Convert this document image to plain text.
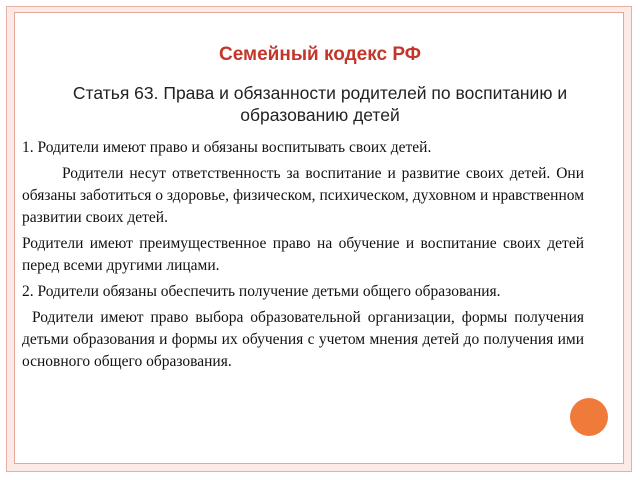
Семейный кодекс РФ
Статья 63. Права и обязанности родителей по воспитанию и образованию детей

1. Родители имеют право и обязаны воспитывать своих детей.

Родители несут ответственность за воспитание и развитие своих детей. Они обязаны заботиться о здоровье, физическом, психическом, духовном и нравственном развитии своих детей.

Родители имеют преимущественное право на обучение и воспитание своих детей перед всеми другими лицами.

2. Родители обязаны обеспечить получение детьми общего образования.

Родители имеют право выбора образовательной организации, формы получения детьми образования и формы их обучения с учетом мнения детей до получения ими основного общего образования.
